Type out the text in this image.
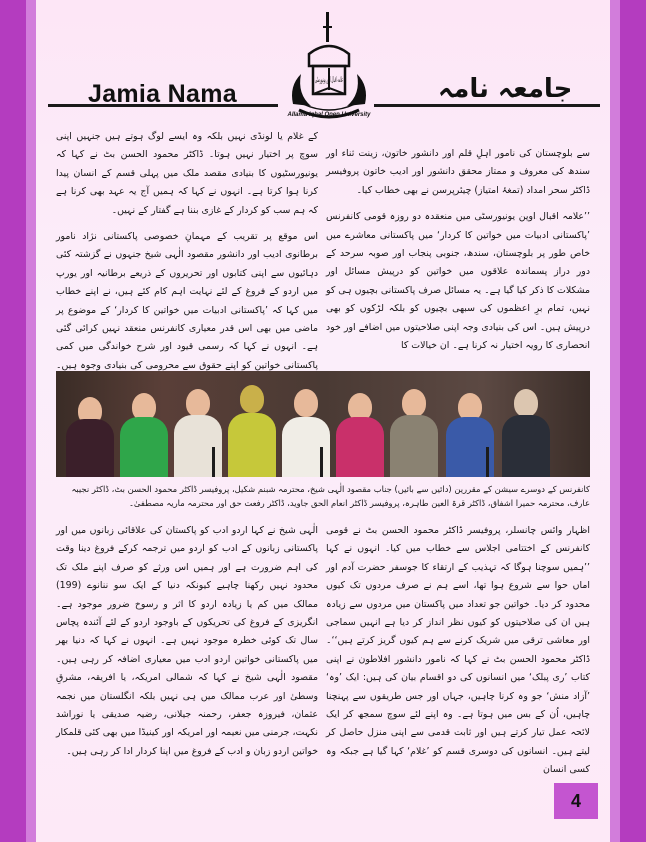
Jamia Nama	جامعہ نامہ
علامہ اقبال اوپن یونیورسٹی
Allama Iqbal Open University

سے بلوچستان کی نامور اہلِ قلم اور دانشور خاتون، زینت ثناء اور سندھ کی معروف و ممتاز محقق دانشور اور ادیب خاتون پروفیسر ڈاکٹر سحر امداد (تمغۂ امتیاز) چیئرپرسن نے بھی خطاب کیا۔

’’علامہ اقبال اوپن یونیورسٹی میں منعقدہ دو روزہ قومی کانفرنس ’پاکستانی ادبیات میں خواتین کا کردار‘ میں پاکستانی معاشرے میں خاص طور پر بلوچستان، سندھ، جنوبی پنجاب اور صوبہ سرحد کے دور دراز پسماندہ علاقوں میں خواتین کو درپیش مسائل اور مشکلات کا ذکر کیا گیا ہے۔ یہ مسائل صرف پاکستانی بچیوں ہی کو نہیں، تمام برِ اعظموں کی سبھی بچیوں کو بلکہ لڑکوں کو بھی درپیش ہیں۔ اس کی بنیادی وجہ اپنی صلاحیتوں میں اضافے اور خود انحصاری کا رویہ اختیار نہ کرنا ہے۔ ان خیالات کا

کے غلام یا لونڈی نہیں بلکہ وہ ایسے لوگ ہوتے ہیں جنہیں اپنی سوچ پر اختیار نہیں ہوتا۔ ڈاکٹر محمود الحسن بٹ نے کہا کہ یونیورسٹیوں کا بنیادی مقصد ملک میں پہلی قسم کے انسان پیدا کرنا ہوا کرتا ہے۔ انہوں نے کہا کہ ہمیں آج یہ عہد بھی کرنا ہے کہ ہم سب کو کردار کے غازی بننا ہے گفتار کے نہیں۔

اس موقع پر تقریب کے مہمانِ خصوصی پاکستانی نژاد نامور برطانوی ادیب اور دانشور مقصود الٰہی شیخ جنہوں نے گزشتہ کئی دہائیوں سے اپنی کتابوں اور تحریروں کے ذریعے برطانیہ اور یورپ میں اردو کے فروغ کے لئے نہایت اہم کام کئے ہیں، نے اپنے خطاب میں کہا کہ ’پاکستانی ادبیات میں خواتین کا کردار‘ کے موضوع پر ماضی میں بھی اس قدر معیاری کانفرنس منعقد نہیں کرائی گئی ہے۔ انہوں نے کہا کہ رسمی قیود اور شرح خواندگی میں کمی پاکستانی خواتین کو اپنے حقوق سے محرومی کی بنیادی وجوہ ہیں۔

کانفرنس کے دوسرے سیشن کے مقررین (دائیں سے بائیں) جناب مقصود الٰہی شیخ، محترمہ شبنم شکیل، پروفیسر ڈاکٹر محمود الحسن بٹ، ڈاکٹر نجیبہ عارف، محترمہ حمیرا اشفاق، ڈاکٹر قرۃ العین طاہرہ، پروفیسر ڈاکٹر انعام الحق جاوید، ڈاکٹر رفعت حق اور محترمہ ماریہ مصطفیٰ۔

اظہار وائس چانسلر، پروفیسر ڈاکٹر محمود الحسن بٹ نے قومی کانفرنس کے اختتامی اجلاس سے خطاب میں کیا۔ انہوں نے کہا ’’ہمیں سوچنا ہوگا کہ تہذیب کے ارتقاء کا جوسفر حضرت آدم اور اماں حوا سے شروع ہوا تھا، اسے ہم نے صرف مردوں تک کیوں محدود کر دیا۔ خواتین جو تعداد میں پاکستان میں مردوں سے زیادہ ہیں ان کی صلاحیتوں کو کیوں نظر انداز کر دیا ہے انہیں سماجی اور معاشی ترقی میں شریک کرنے سے ہم کیوں گریز کرتے ہیں‘‘۔ ڈاکٹر محمود الحسن بٹ نے کہا کہ نامور دانشور افلاطون نے اپنی کتاب ’ری پبلک‘ میں انسانوں کی دو اقسام بیان کی ہیں: ایک ’وہ‘ ’آزاد منش‘ جو وہ کرنا چاہیں، جہاں اور جس طریقوں سے پہنچنا چاہیں، اُن کے بس میں ہوتا ہے۔ وہ اپنے لئے سوچ سمجھ کر ایک لائحہ عمل تیار کرتے ہیں اور ثابت قدمی سے اپنی منزل حاصل کر لیتے ہیں۔ انسانوں کی دوسری قسم کو ’غلام‘ کہا گیا ہے جبکہ وہ کسی انسان

الٰہی شیخ نے کہا اردو ادب کو پاکستان کی علاقائی زبانوں میں اور پاکستانی زبانوں کے ادب کو اردو میں ترجمہ کرکے فروغ دینا وقت کی اہم ضرورت ہے اور ہمیں اس ورثے کو صرف اپنے ملک تک محدود نہیں رکھنا چاہیے کیونکہ دنیا کے ایک سو ننانوے (199) ممالک میں کم یا زیادہ اردو کا اثر و رسوخ ضرور موجود ہے۔ انگریزی کے فروغ کی تحریکوں کے باوجود اردو کے لئے آئندہ پچاس سال تک کوئی خطرہ موجود نہیں ہے۔ انہوں نے کہا کہ دنیا بھر میں پاکستانی خواتین اردو ادب میں معیاری اضافہ کر رہی ہیں۔ مقصود الٰہی شیخ نے کہا کہ شمالی امریکہ، یا افریقہ، مشرقِ وسطیٰ اور عرب ممالک میں ہی نہیں بلکہ انگلستان میں نجمہ عثمان، فیروزہ جعفر، رحمنہ جیلانی، رضیہ صدیقی یا نوراشد نکہت، جرمنی میں نعیمہ اور امریکہ اور کینیڈا میں بھی کئی قلمکار خواتین اردو زبان و ادب کے فروغ میں اپنا کردار ادا کر رہی ہیں۔

4
